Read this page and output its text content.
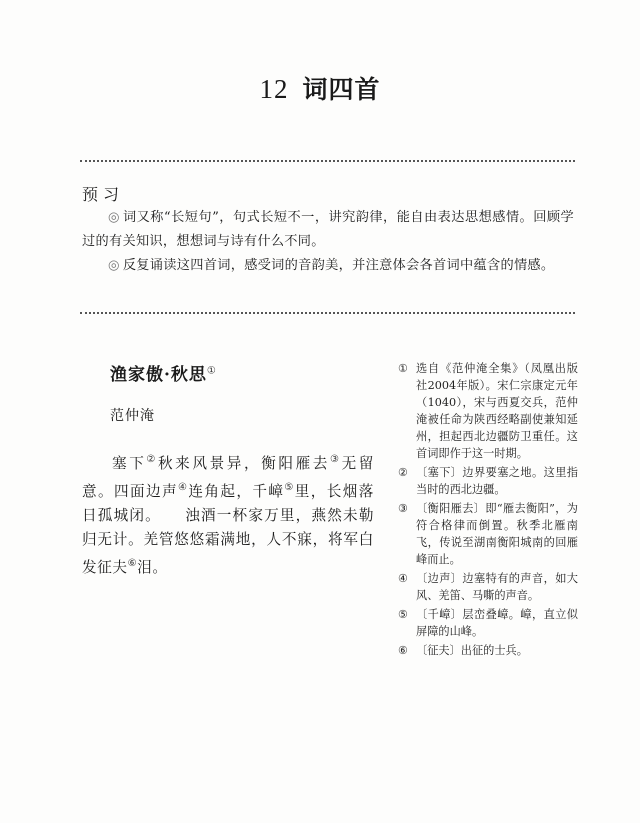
12 词四首
预习

◎ 词又称“长短句”，句式长短不一，讲究韵律，能自由表达思想感情。回顾学过的有关知识，想想词与诗有什么不同。

◎ 反复诵读这四首词，感受词的音韵美，并注意体会各首词中蕴含的情感。

渔家傲·秋思①
范仲淹

塞下②秋来风景异，衡阳雁去③无留意。四面边声④连角起，千嶂⑤里，长烟落日孤城闭。　　 浊酒一杯家万里，燕然未勒归无计。羌管悠悠霜满地，人不寐，将军白发征夫⑥泪。

① 选自《范仲淹全集》（凤凰出版社2004年版）。宋仁宗康定元年（1040），宋与西夏交兵，范仲淹被任命为陕西经略副使兼知延州，担起西北边疆防卫重任。这首词即作于这一时期。
② 〔塞下〕边界要塞之地。这里指当时的西北边疆。
③ 〔衡阳雁去〕即“雁去衡阳”，为符合格律而倒置。秋季北雁南飞，传说至湖南衡阳城南的回雁峰而止。
④ 〔边声〕边塞特有的声音，如大风、羌笛、马嘶的声音。
⑤ 〔千嶂〕层峦叠嶂。嶂，直立似屏障的山峰。
⑥ 〔征夫〕出征的士兵。
